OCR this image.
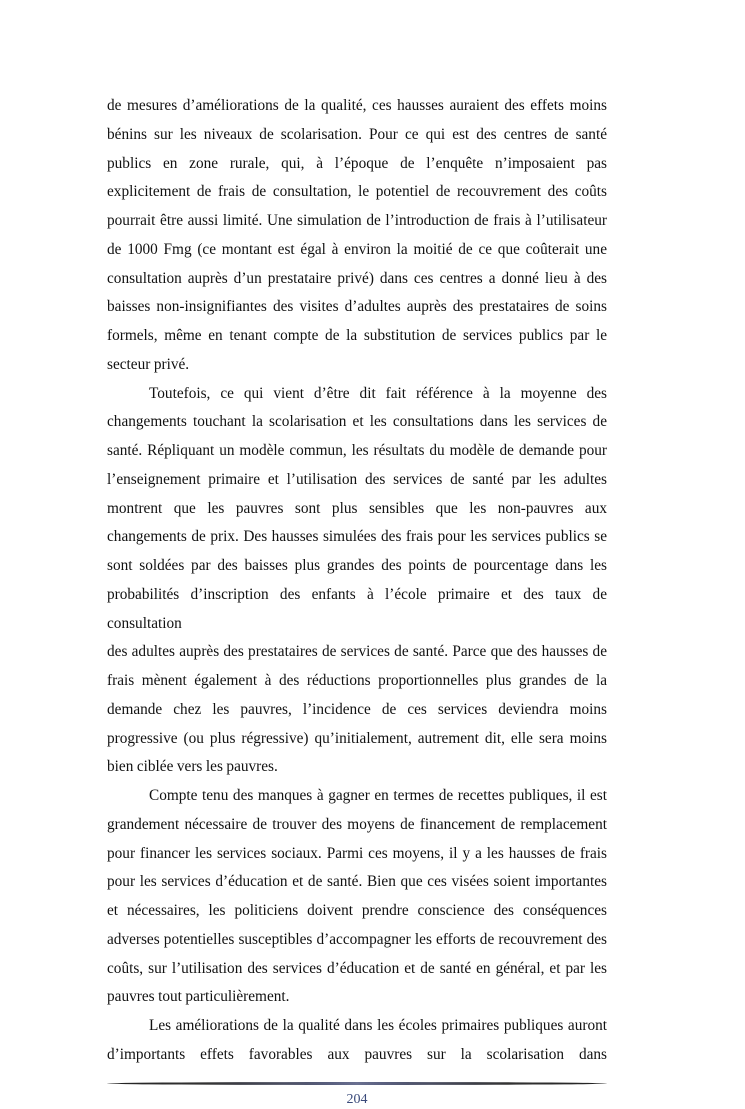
de mesures d’améliorations de la qualité, ces hausses auraient des effets moins
bénins sur les niveaux de scolarisation. Pour ce qui est des centres de santé
publics en zone rurale, qui, à l’époque de l’enquête n’imposaient pas
explicitement de frais de consultation, le potentiel de recouvrement des coûts
pourrait être aussi limité. Une simulation de l’introduction de frais à l’utilisateur
de 1000 Fmg (ce montant est égal à environ la moitié de ce que coûterait une
consultation auprès d’un prestataire privé) dans ces centres a donné lieu à des
baisses non-insignifiantes des visites d’adultes auprès des prestataires de soins
formels, même en tenant compte de la substitution de services publics par le
secteur privé.
Toutefois, ce qui vient d’être dit fait référence à la moyenne des
changements touchant la scolarisation et les consultations dans les services de
santé. Répliquant un modèle commun, les résultats du modèle de demande pour
l’enseignement primaire et l’utilisation des services de santé par les adultes
montrent que les pauvres sont plus sensibles que les non-pauvres aux
changements de prix. Des hausses simulées des frais pour les services publics se
sont soldées par des baisses plus grandes des points de pourcentage dans les
probabilités d’inscription des enfants à l’école primaire et des taux de consultation
des adultes auprès des prestataires de services de santé. Parce que des hausses de
frais mènent également à des réductions proportionnelles plus grandes de la
demande chez les pauvres, l’incidence de ces services deviendra moins
progressive (ou plus régressive) qu’initialement, autrement dit, elle sera moins
bien ciblée vers les pauvres.
Compte tenu des manques à gagner en termes de recettes publiques, il est
grandement nécessaire de trouver des moyens de financement de remplacement
pour financer les services sociaux. Parmi ces moyens, il y a les hausses de frais
pour les services d’éducation et de santé. Bien que ces visées soient importantes
et nécessaires, les politiciens doivent prendre conscience des conséquences
adverses potentielles susceptibles d’accompagner les efforts de recouvrement des
coûts, sur l’utilisation des services d’éducation et de santé en général, et par les
pauvres tout particulièrement.
Les améliorations de la qualité dans les écoles primaires publiques auront
d’importants effets favorables aux pauvres sur la scolarisation dans
204
